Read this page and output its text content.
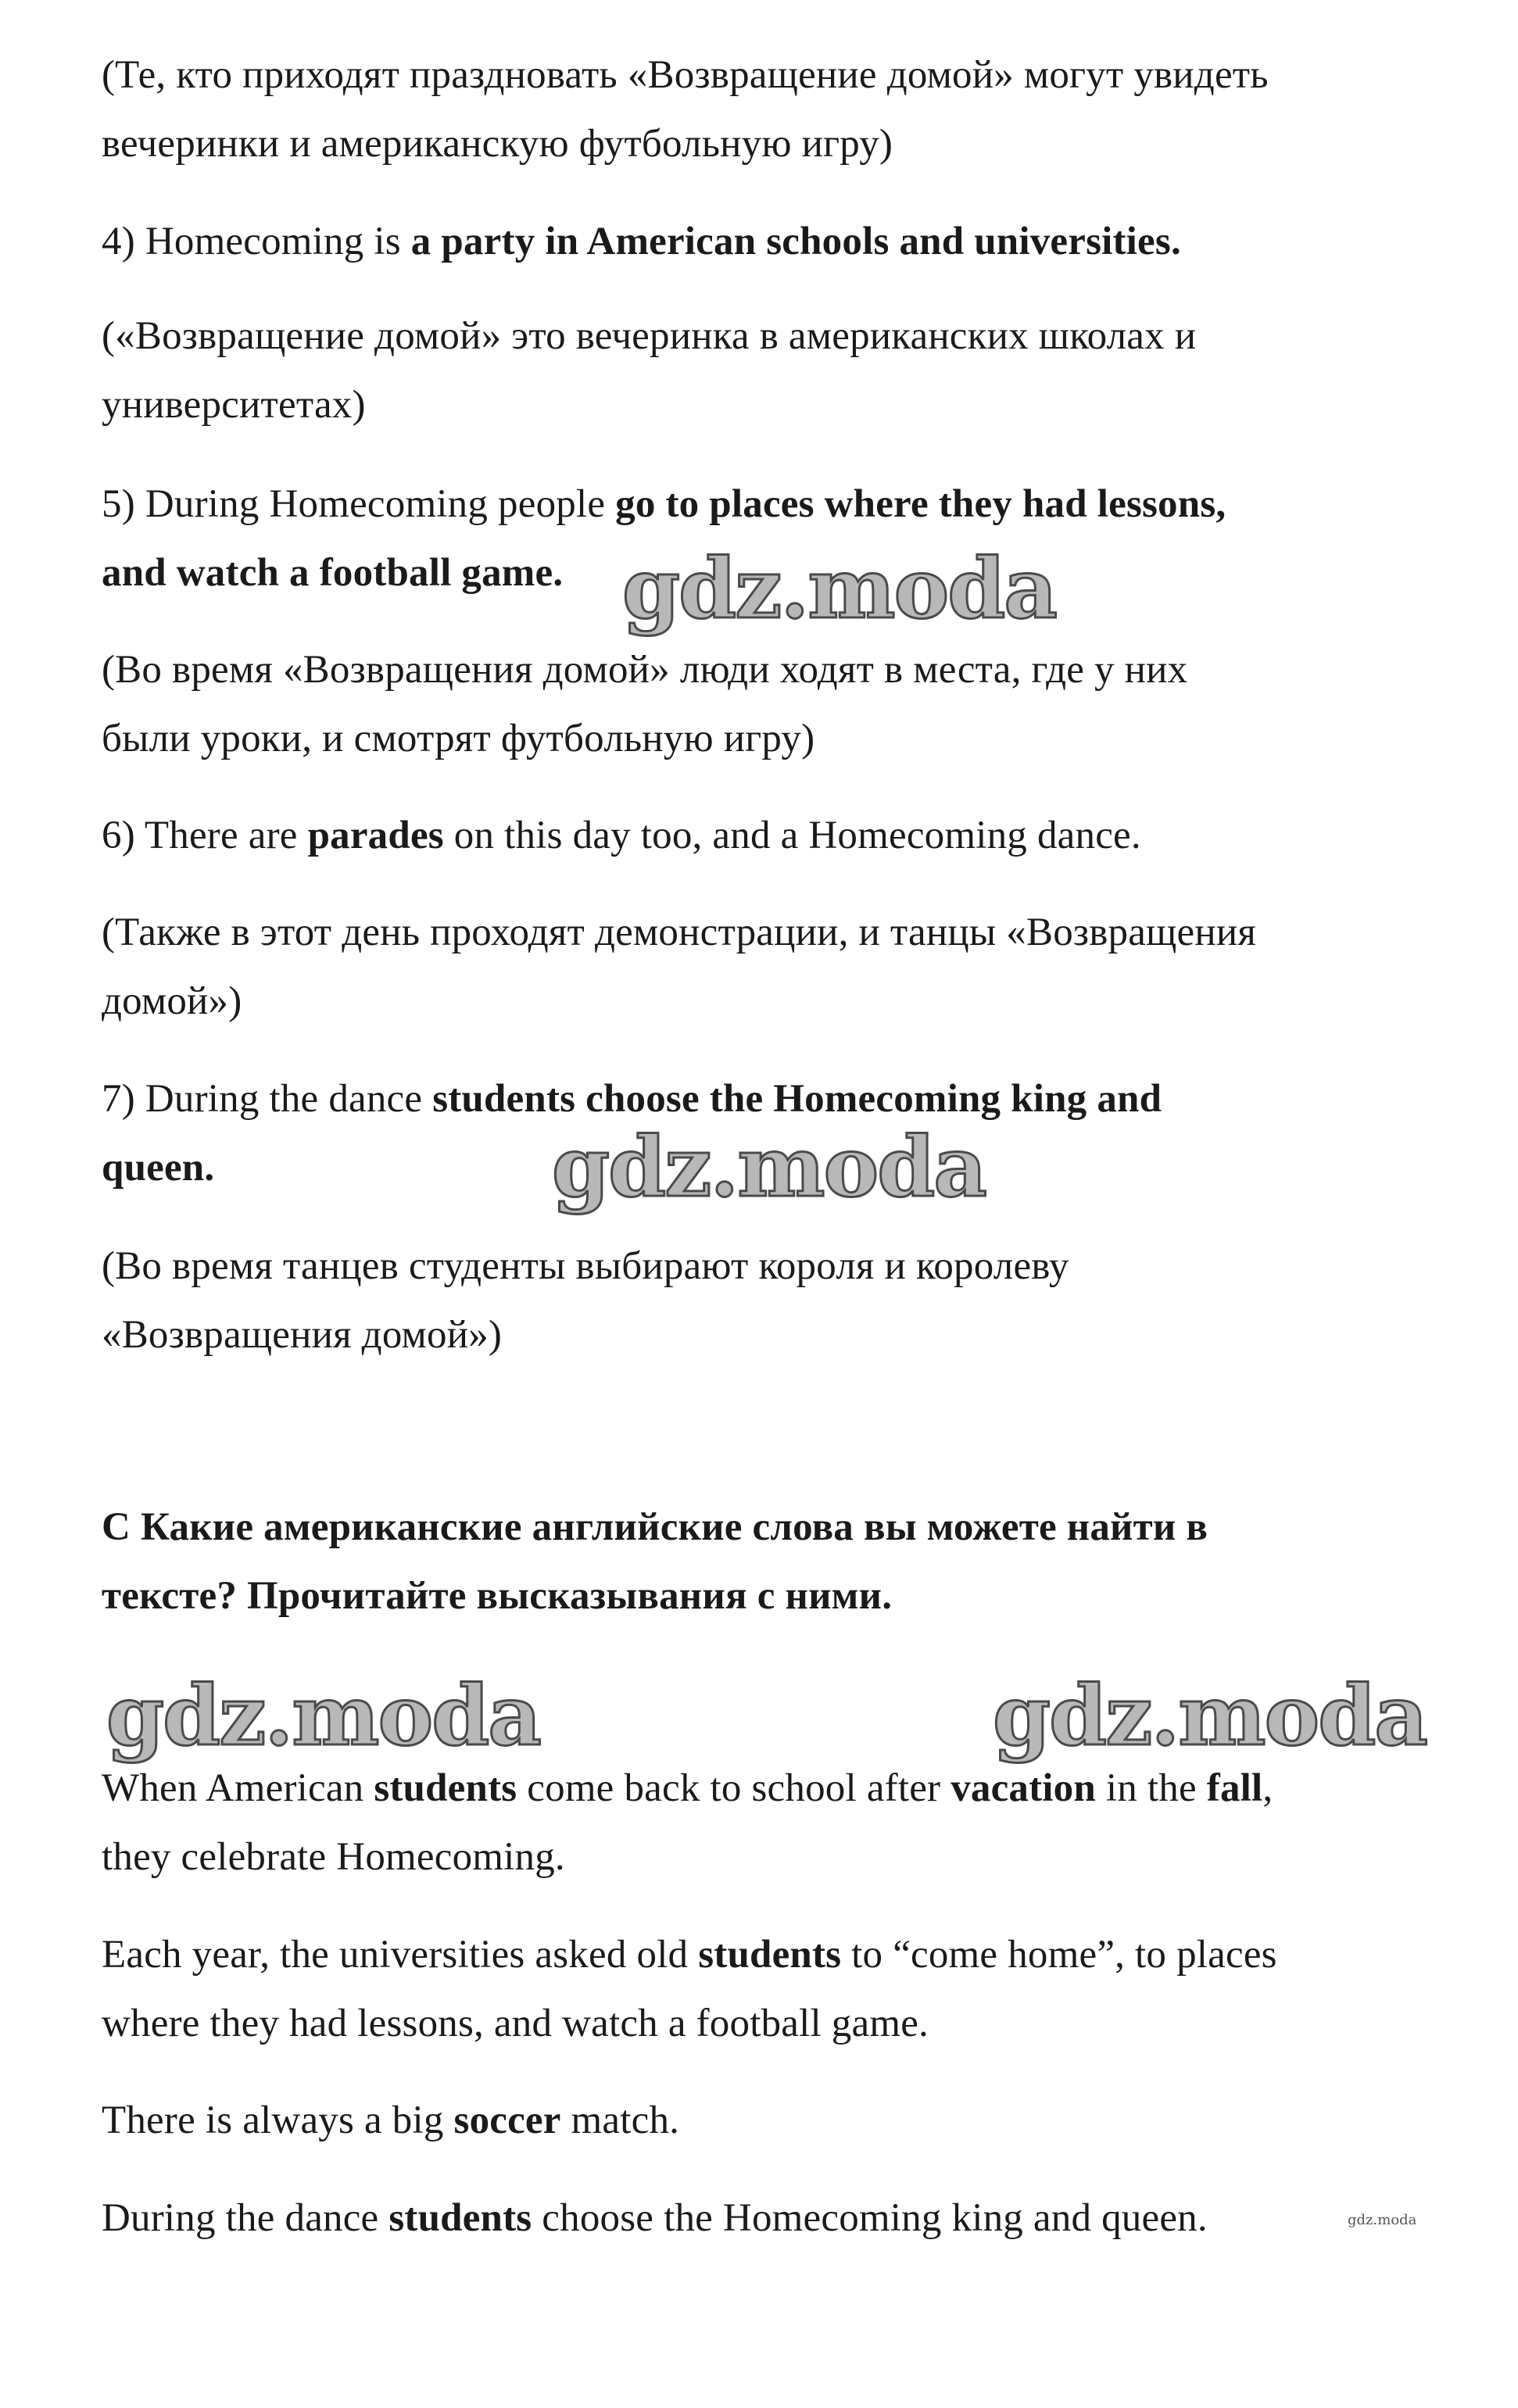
(Те, кто приходят праздновать «Возвращение домой» могут увидеть
вечеринки и американскую футбольную игру)

4) Homecoming is a party in American schools and universities.

(«Возвращение домой» это вечеринка в американских школах и
университетах)

5) During Homecoming people go to places where they had lessons,
and watch a football game. gdz.moda

(Во время «Возвращения домой» люди ходят в места, где у них
были уроки, и смотрят футбольную игру)

6) There are parades on this day too, and a Homecoming dance.

(Также в этот день проходят демонстрации, и танцы «Возвращения
домой»)

7) During the dance students choose the Homecoming king and
queen.	gdz.moda

(Во время танцев студенты выбирают короля и королеву
«Возвращения домой»)

C Какие американские английские слова вы можете найти в
тексте? Прочитайте высказывания с ними.

gdz.moda	gdz.moda

When American students come back to school after vacation in the fall,
they celebrate Homecoming.

Each year, the universities asked old students to “come home”, to places
where they had lessons, and watch a football game.

There is always a big soccer match.

During the dance students choose the Homecoming king and queen.	gdz.moda
